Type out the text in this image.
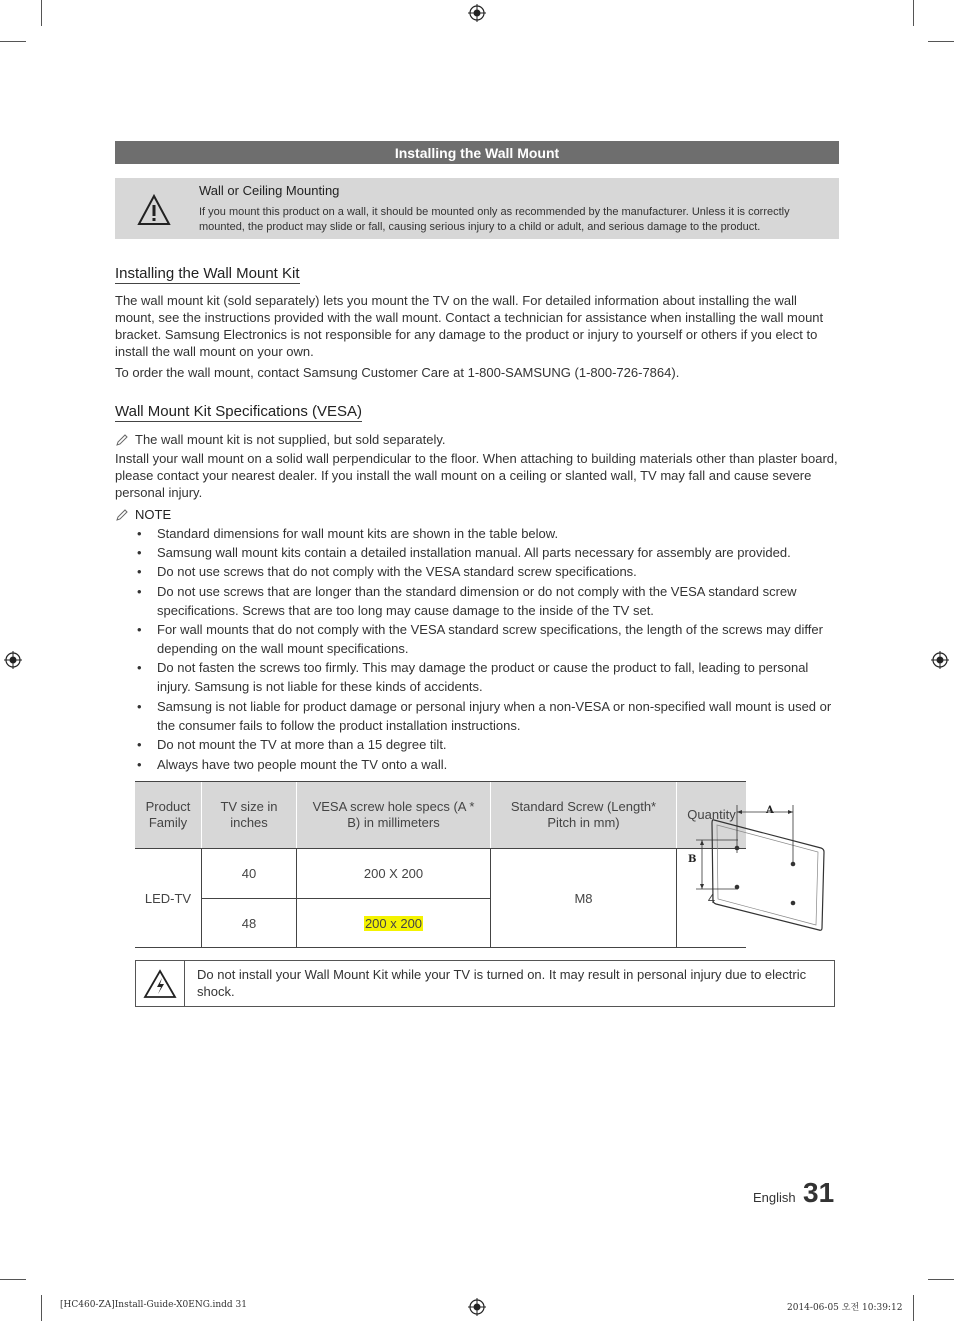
Installing the Wall Mount
Wall or Ceiling Mounting
If you mount this product on a wall, it should be mounted only as recommended by the manufacturer. Unless it is correctly mounted, the product may slide or fall, causing serious injury to a child or adult, and serious damage to the product.
Installing the Wall Mount Kit
The wall mount kit (sold separately) lets you mount the TV on the wall. For detailed information about installing the wall mount, see the instructions provided with the wall mount. Contact a technician for assistance when installing the wall mount bracket. Samsung Electronics is not responsible for any damage to the product or injury to yourself or others if you elect to install the wall mount on your own.
To order the wall mount, contact Samsung Customer Care at 1-800-SAMSUNG (1-800-726-7864).
Wall Mount Kit Specifications (VESA)
The wall mount kit is not supplied, but sold separately.
Install your wall mount on a solid wall perpendicular to the floor. When attaching to building materials other than plaster board, please contact your nearest dealer. If you install the wall mount on a ceiling or slanted wall, TV may fall and cause severe personal injury.
NOTE
• Standard dimensions for wall mount kits are shown in the table below.
• Samsung wall mount kits contain a detailed installation manual. All parts necessary for assembly are provided.
• Do not use screws that do not comply with the VESA standard screw specifications.
• Do not use screws that are longer than the standard dimension or do not comply with the VESA standard screw specifications. Screws that are too long may cause damage to the inside of the TV set.
• For wall mounts that do not comply with the VESA standard screw specifications, the length of the screws may differ depending on the wall mount specifications.
• Do not fasten the screws too firmly. This may damage the product or cause the product to fall, leading to personal injury. Samsung is not liable for these kinds of accidents.
• Samsung is not liable for product damage or personal injury when a non-VESA or non-specified wall mount is used or the consumer fails to follow the product installation instructions.
• Do not mount the TV at more than a 15 degree tilt.
• Always have two people mount the TV onto a wall.
Product Family	TV size in inches	VESA screw hole specs (A * B) in millimeters	Standard Screw (Length* Pitch in mm)	Quantity
LED-TV	40	200 X 200	M8	4
	48	200 x 200		
A
B
Do not install your Wall Mount Kit while your TV is turned on. It may result in personal injury due to electric shock.
English 31
[HC460-ZA]Install-Guide-X0ENG.indd 31	2014-06-05 오전 10:39:12
